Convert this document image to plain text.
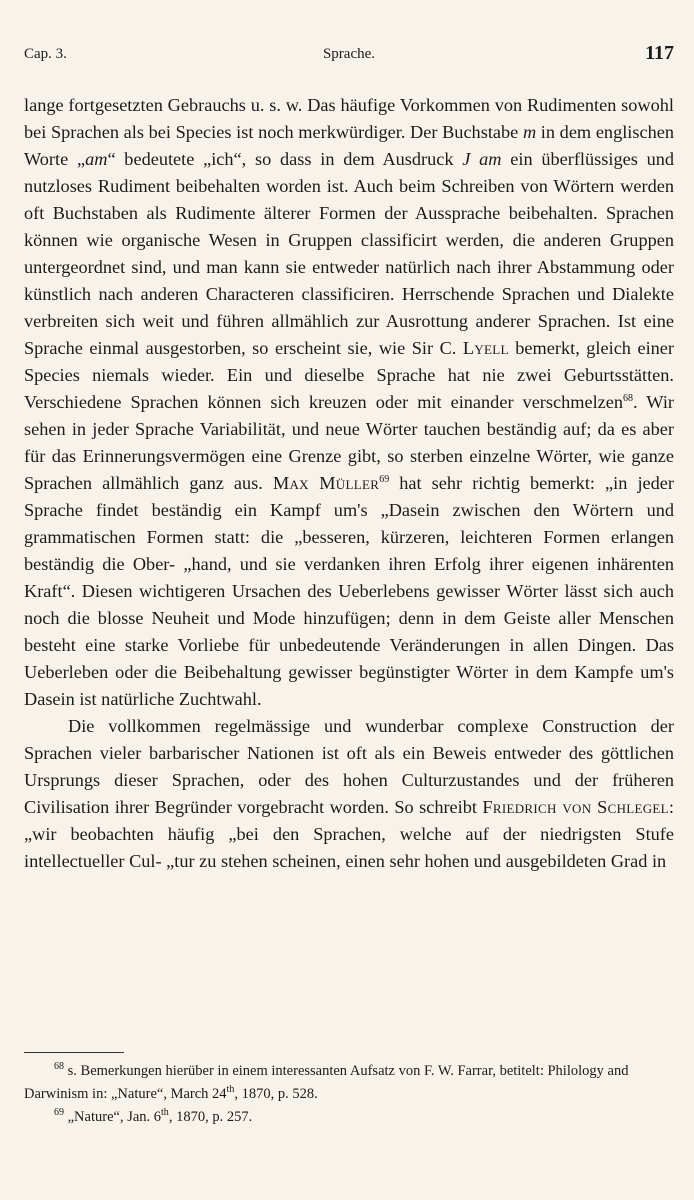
Cap. 3.	Sprache.	117

lange fortgesetzten Gebrauchs u. s. w. Das häufige Vorkommen von Rudimenten sowohl bei Sprachen als bei Species ist noch merkwürdiger. Der Buchstabe m in dem englischen Worte „am“ bedeutete „ich“, so dass in dem Ausdruck J am ein überflüssiges und nutzloses Rudiment beibehalten worden ist. Auch beim Schreiben von Wörtern werden oft Buchstaben als Rudimente älterer Formen der Aussprache beibehalten. Sprachen können wie organische Wesen in Gruppen classificirt werden, die anderen Gruppen untergeordnet sind, und man kann sie entweder natürlich nach ihrer Abstammung oder künstlich nach anderen Characteren classificiren. Herrschende Sprachen und Dialekte verbreiten sich weit und führen allmählich zur Ausrottung anderer Sprachen. Ist eine Sprache einmal ausgestorben, so erscheint sie, wie Sir C. Lyell bemerkt, gleich einer Species niemals wieder. Ein und dieselbe Sprache hat nie zwei Geburtsstätten. Verschiedene Sprachen können sich kreuzen oder mit einander verschmelzen$^{68}$. Wir sehen in jeder Sprache Variabilität, und neue Wörter tauchen beständig auf; da es aber für das Erinnerungsvermögen eine Grenze gibt, so sterben einzelne Wörter, wie ganze Sprachen allmählich ganz aus. Max Müller$^{69}$ hat sehr richtig bemerkt: „in jeder Sprache findet beständig ein Kampf um's „Dasein zwischen den Wörtern und grammatischen Formen statt: die „besseren, kürzeren, leichteren Formen erlangen beständig die Ober- „hand, und sie verdanken ihren Erfolg ihrer eigenen inhärenten Kraft“. Diesen wichtigeren Ursachen des Ueberlebens gewisser Wörter lässt sich auch noch die blosse Neuheit und Mode hinzufügen; denn in dem Geiste aller Menschen besteht eine starke Vorliebe für unbedeutende Veränderungen in allen Dingen. Das Ueberleben oder die Beibehaltung gewisser begünstigter Wörter in dem Kampfe um's Dasein ist natürliche Zuchtwahl.

Die vollkommen regelmässige und wunderbar complexe Construction der Sprachen vieler barbarischer Nationen ist oft als ein Beweis entweder des göttlichen Ursprungs dieser Sprachen, oder des hohen Culturzustandes und der früheren Civilisation ihrer Begründer vorgebracht worden. So schreibt Friedrich von Schlegel: „wir beobachten häufig „bei den Sprachen, welche auf der niedrigsten Stufe intellectueller Cul- „tur zu stehen scheinen, einen sehr hohen und ausgebildeten Grad in

$^{68}$ s. Bemerkungen hierüber in einem interessanten Aufsatz von F. W. Farrar, betitelt: Philology and Darwinism in: „Nature“, March 24th, 1870, p. 528.

$^{69}$ „Nature“, Jan. 6th, 1870, p. 257.
